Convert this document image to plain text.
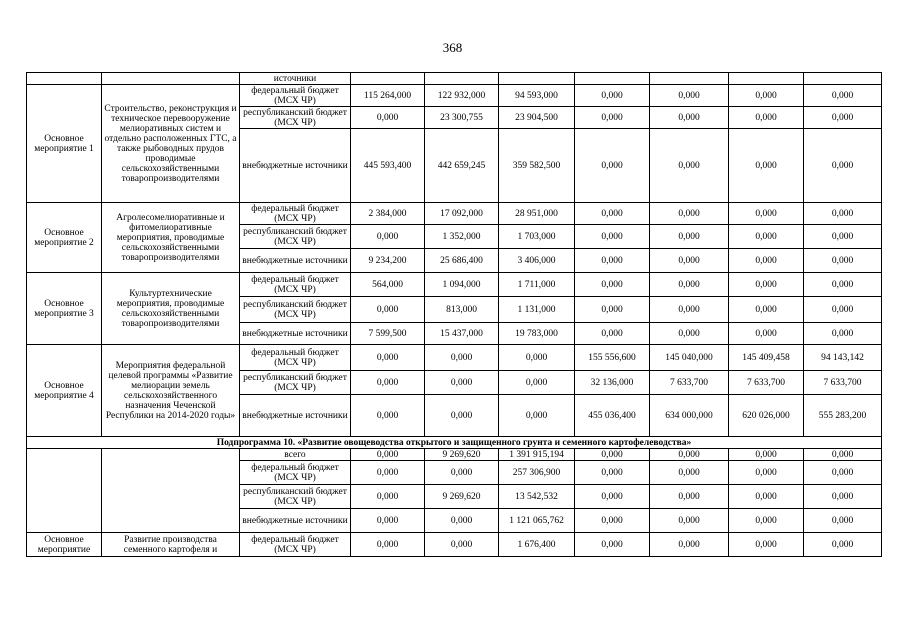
368
		источники							
Основное мероприятие 1	Строительство, реконструкция и техническое перевооружение мелиоративных систем и отдельно расположенных ГТС, а также рыбоводных прудов проводимые сельскохозяйственными товаропроизводителями	федеральный бюджет (МСХ ЧР)	115 264,000	122 932,000	94 593,000	0,000	0,000	0,000	0,000
		республиканский бюджет (МСХ ЧР)	0,000	23 300,755	23 904,500	0,000	0,000	0,000	0,000
		внебюджетные источники	445 593,400	442 659,245	359 582,500	0,000	0,000	0,000	0,000
Основное мероприятие 2	Агролесомелиоративные и фитомелиоративные мероприятия, проводимые сельскохозяйственными товаропроизводителями	федеральный бюджет (МСХ ЧР)	2 384,000	17 092,000	28 951,000	0,000	0,000	0,000	0,000
		республиканский бюджет (МСХ ЧР)	0,000	1 352,000	1 703,000	0,000	0,000	0,000	0,000
		внебюджетные источники	9 234,200	25 686,400	3 406,000	0,000	0,000	0,000	0,000
Основное мероприятие 3	Культуртехнические мероприятия, проводимые сельскохозяйственными товаропроизводителями	федеральный бюджет (МСХ ЧР)	564,000	1 094,000	1 711,000	0,000	0,000	0,000	0,000
		республиканский бюджет (МСХ ЧР)	0,000	813,000	1 131,000	0,000	0,000	0,000	0,000
		внебюджетные источники	7 599,500	15 437,000	19 783,000	0,000	0,000	0,000	0,000
Основное мероприятие 4	Мероприятия федеральной целевой программы «Развитие мелиорации земель сельскохозяйственного назначения Чеченской Республики на 2014-2020 годы»	федеральный бюджет (МСХ ЧР)	0,000	0,000	0,000	155 556,600	145 040,000	145 409,458	94 143,142
		республиканский бюджет (МСХ ЧР)	0,000	0,000	0,000	32 136,000	7 633,700	7 633,700	7 633,700
		внебюджетные источники	0,000	0,000	0,000	455 036,400	634 000,000	620 026,000	555 283,200
Подпрограмма 10. «Развитие овощеводства открытого и защищенного грунта и семенного картофелеводства»									
		всего	0,000	9 269,620	1 391 915,194	0,000	0,000	0,000	0,000
		федеральный бюджет (МСХ ЧР)	0,000	0,000	257 306,900	0,000	0,000	0,000	0,000
		республиканский бюджет (МСХ ЧР)	0,000	9 269,620	13 542,532	0,000	0,000	0,000	0,000
		внебюджетные источники	0,000	0,000	1 121 065,762	0,000	0,000	0,000	0,000
Основное мероприятие	Развитие производства семенного картофеля и	федеральный бюджет (МСХ ЧР)	0,000	0,000	1 676,400	0,000	0,000	0,000	0,000
